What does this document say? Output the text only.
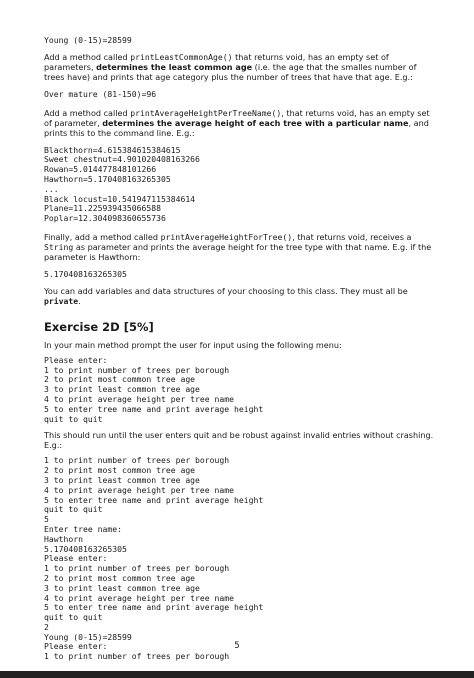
Young (0-15)=28599

Add a method called printLeastCommonAge() that returns void, has an empty set of parameters, determines the least common age (i.e. the age that the smalles number of trees have) and prints that age category plus the number of trees that have that age. E.g.:

Over mature (81-150)=96

Add a method called printAverageHeightPerTreeName(), that returns void, has an empty set of parameter, determines the average height of each tree with a particular name, and prints this to the command line. E.g.:

Blackthorn=4.615384615384615
Sweet chestnut=4.901020408163266
Rowan=5.014477848101266
Hawthorn=5.170408163265305
...
Black locust=10.541947115384614
Plane=11.225939435066588
Poplar=12.304098360655736

Finally, add a method called printAverageHeightForTree(), that returns void, receives a String as parameter and prints the average height for the tree type with that name. E.g. if the parameter is Hawthorn:

5.170408163265305

You can add variables and data structures of your choosing to this class. They must all be private.

Exercise 2D [5%]

In your main method prompt the user for input using the following menu:

Please enter:
1 to print number of trees per borough
2 to print most common tree age
3 to print least common tree age
4 to print average height per tree name
5 to enter tree name and print average height
quit to quit

This should run until the user enters quit and be robust against invalid entries without crashing. E.g.:

1 to print number of trees per borough
2 to print most common tree age
3 to print least common tree age
4 to print average height per tree name
5 to enter tree name and print average height
quit to quit
5
Enter tree name:
Hawthorn
5.170408163265305
Please enter:
1 to print number of trees per borough
2 to print most common tree age
3 to print least common tree age
4 to print average height per tree name
5 to enter tree name and print average height
quit to quit
2
Young (0-15)=28599
Please enter:
1 to print number of trees per borough
5
